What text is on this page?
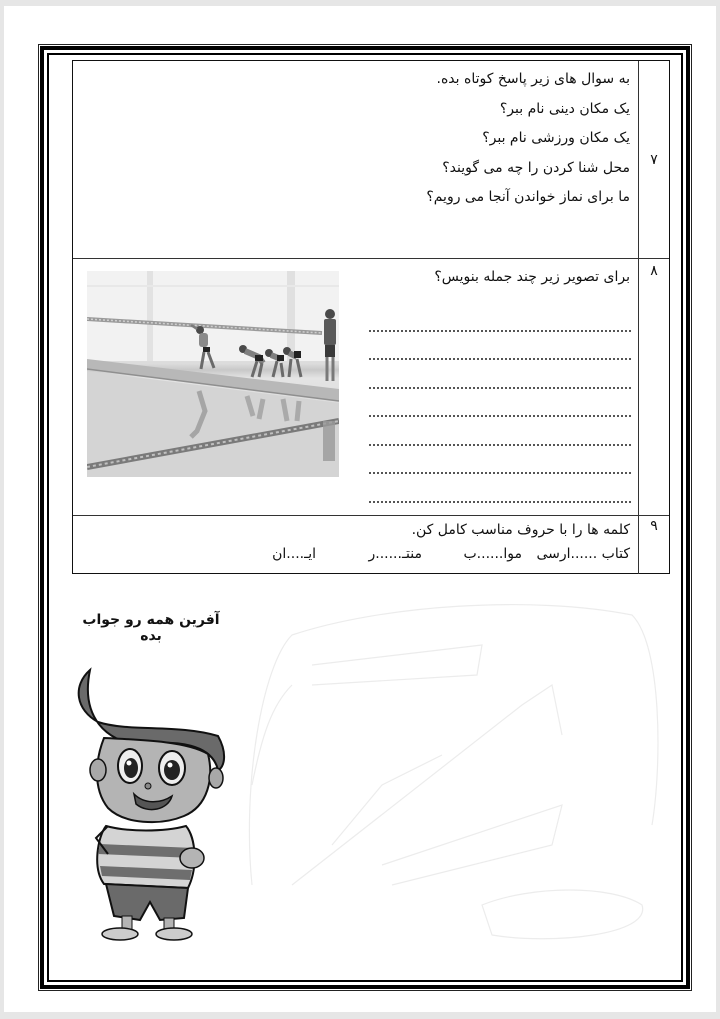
۷
به سوال های زیر پاسخ کوتاه بده.
یک مکان دینی نام ببر؟
یک مکان ورزشی نام ببر؟
محل شنا کردن را چه می گویند؟
ما برای نماز خواندن آنجا می رویم؟
۸
برای تصویر زیر چند جمله بنویس؟
۹
کلمه ها را با حروف مناسب کامل کن.
کتاب ......ارسی
موا......ب
منتـ......ر
ایـ....ان
آفرین همه رو جواب بده
